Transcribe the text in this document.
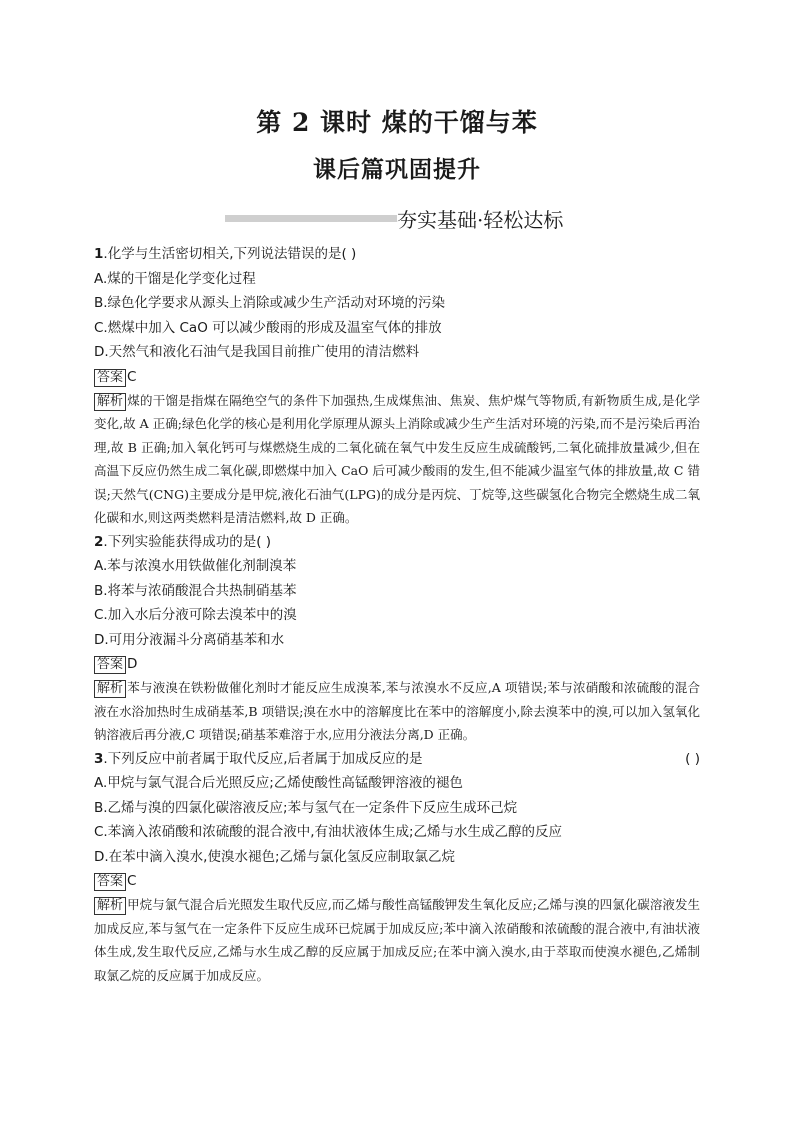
第 2 课时 煤的干馏与苯
课后篇巩固提升
夯实基础·轻松达标
1.化学与生活密切相关,下列说法错误的是( )
A.煤的干馏是化学变化过程
B.绿色化学要求从源头上消除或减少生产活动对环境的污染
C.燃煤中加入 CaO 可以减少酸雨的形成及温室气体的排放
D.天然气和液化石油气是我国目前推广使用的清洁燃料
答案 C
解析 煤的干馏是指煤在隔绝空气的条件下加强热,生成煤焦油、焦炭、焦炉煤气等物质,有新物质生成,是化学变化,故 A 正确;绿色化学的核心是利用化学原理从源头上消除或减少生产生活对环境的污染,而不是污染后再治理,故 B 正确;加入氧化钙可与煤燃烧生成的二氧化硫在氧气中发生反应生成硫酸钙,二氧化硫排放量减少,但在高温下反应仍然生成二氧化碳,即燃煤中加入 CaO 后可减少酸雨的发生,但不能减少温室气体的排放量,故 C 错误;天然气(CNG)主要成分是甲烷,液化石油气(LPG)的成分是丙烷、丁烷等,这些碳氢化合物完全燃烧生成二氧化碳和水,则这两类燃料是清洁燃料,故 D 正确。
2.下列实验能获得成功的是( )
A.苯与浓溴水用铁做催化剂制溴苯
B.将苯与浓硝酸混合共热制硝基苯
C.加入水后分液可除去溴苯中的溴
D.可用分液漏斗分离硝基苯和水
答案 D
解析 苯与液溴在铁粉做催化剂时才能反应生成溴苯,苯与浓溴水不反应,A 项错误;苯与浓硝酸和浓硫酸的混合液在水浴加热时生成硝基苯,B 项错误;溴在水中的溶解度比在苯中的溶解度小,除去溴苯中的溴,可以加入氢氧化钠溶液后再分液,C 项错误;硝基苯难溶于水,应用分液法分离,D 正确。
3.下列反应中前者属于取代反应,后者属于加成反应的是	( )
A.甲烷与氯气混合后光照反应;乙烯使酸性高锰酸钾溶液的褪色
B.乙烯与溴的四氯化碳溶液反应;苯与氢气在一定条件下反应生成环己烷
C.苯滴入浓硝酸和浓硫酸的混合液中,有油状液体生成;乙烯与水生成乙醇的反应
D.在苯中滴入溴水,使溴水褪色;乙烯与氯化氢反应制取氯乙烷
答案 C
解析 甲烷与氯气混合后光照发生取代反应,而乙烯与酸性高锰酸钾发生氧化反应;乙烯与溴的四氯化碳溶液发生加成反应,苯与氢气在一定条件下反应生成环已烷属于加成反应;苯中滴入浓硝酸和浓硫酸的混合液中,有油状液体生成,发生取代反应,乙烯与水生成乙醇的反应属于加成反应;在苯中滴入溴水,由于萃取而使溴水褪色,乙烯制取氯乙烷的反应属于加成反应。
